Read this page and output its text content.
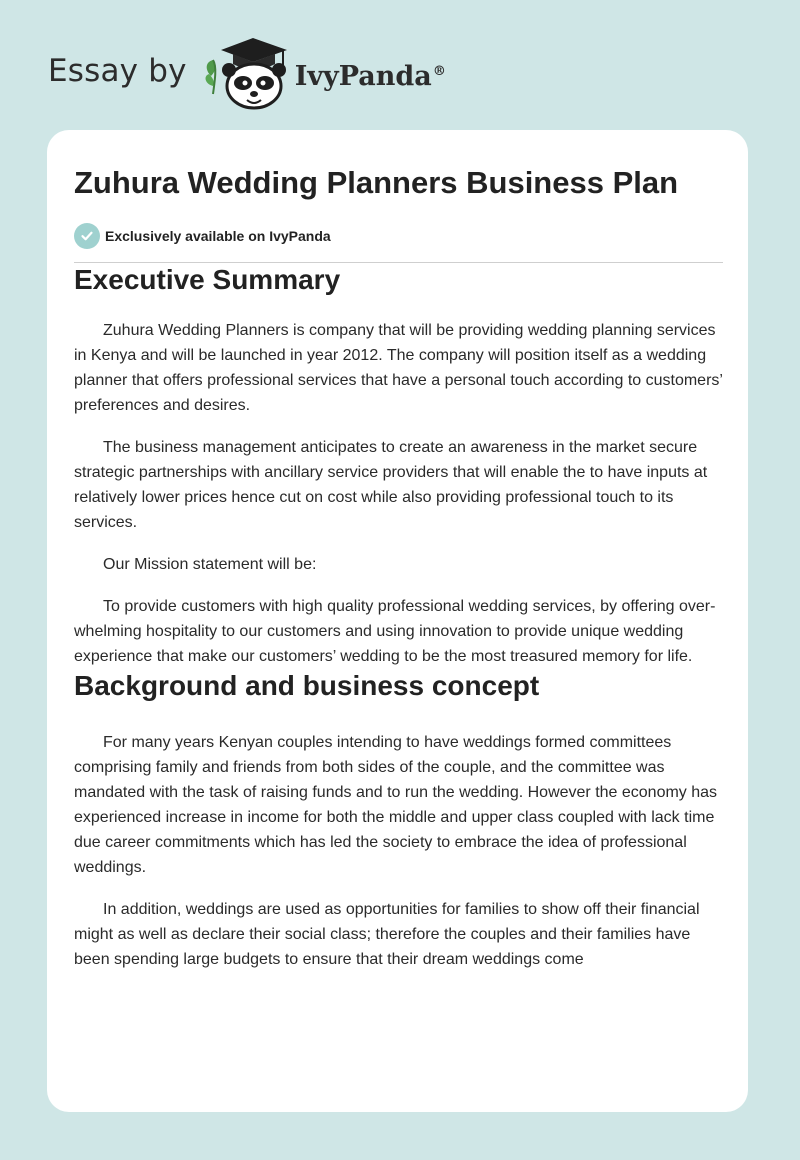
Essay by	IvyPanda®
Zuhura Wedding Planners Business Plan
Exclusively available on IvyPanda
Executive Summary

Zuhura Wedding Planners is company that will be providing wedding planning services in Kenya and will be launched in year 2012. The company will position itself as a wedding planner that offers professional services that have a personal touch according to customers’ preferences and desires.

The business management anticipates to create an awareness in the market secure strategic partnerships with ancillary service providers that will enable the to have inputs at relatively lower prices hence cut on cost while also providing professional touch to its services.

Our Mission statement will be:

To provide customers with high quality professional wedding services, by offering over-whelming hospitality to our customers and using innovation to provide unique wedding experience that make our customers’ wedding to be the most treasured memory for life.

Background and business concept

For many years Kenyan couples intending to have weddings formed committees comprising family and friends from both sides of the couple, and the committee was mandated with the task of raising funds and to run the wedding. However the economy has experienced increase in income for both the middle and upper class coupled with lack time due career commitments which has led the society to embrace the idea of professional weddings.

In addition, weddings are used as opportunities for families to show off their financial might as well as declare their social class; therefore the couples and their families have been spending large budgets to ensure that their dream weddings come
